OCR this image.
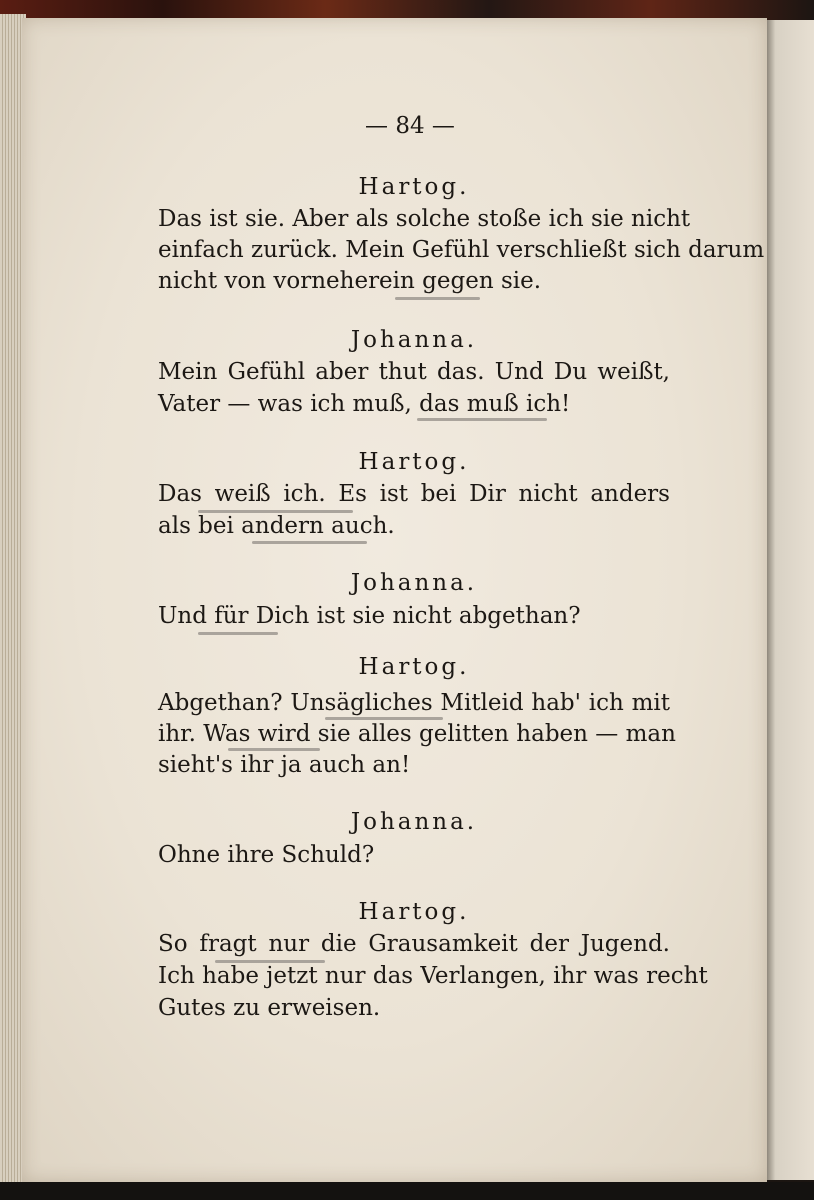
— 84 —
Hartog.
Das ist sie. Aber als solche stoße ich sie nicht
einfach zurück. Mein Gefühl verschließt sich darum
nicht von vorneherein gegen sie.
Johanna.
Mein Gefühl aber thut das. Und Du weißt,
Vater — was ich muß, das muß ich!
Hartog.
Das weiß ich. Es ist bei Dir nicht anders
als bei andern auch.
Johanna.
Und für Dich ist sie nicht abgethan?
Hartog.
Abgethan? Unsägliches Mitleid hab' ich mit
ihr. Was wird sie alles gelitten haben — man
sieht's ihr ja auch an!
Johanna.
Ohne ihre Schuld?
Hartog.
So fragt nur die Grausamkeit der Jugend.
Ich habe jetzt nur das Verlangen, ihr was recht
Gutes zu erweisen.
